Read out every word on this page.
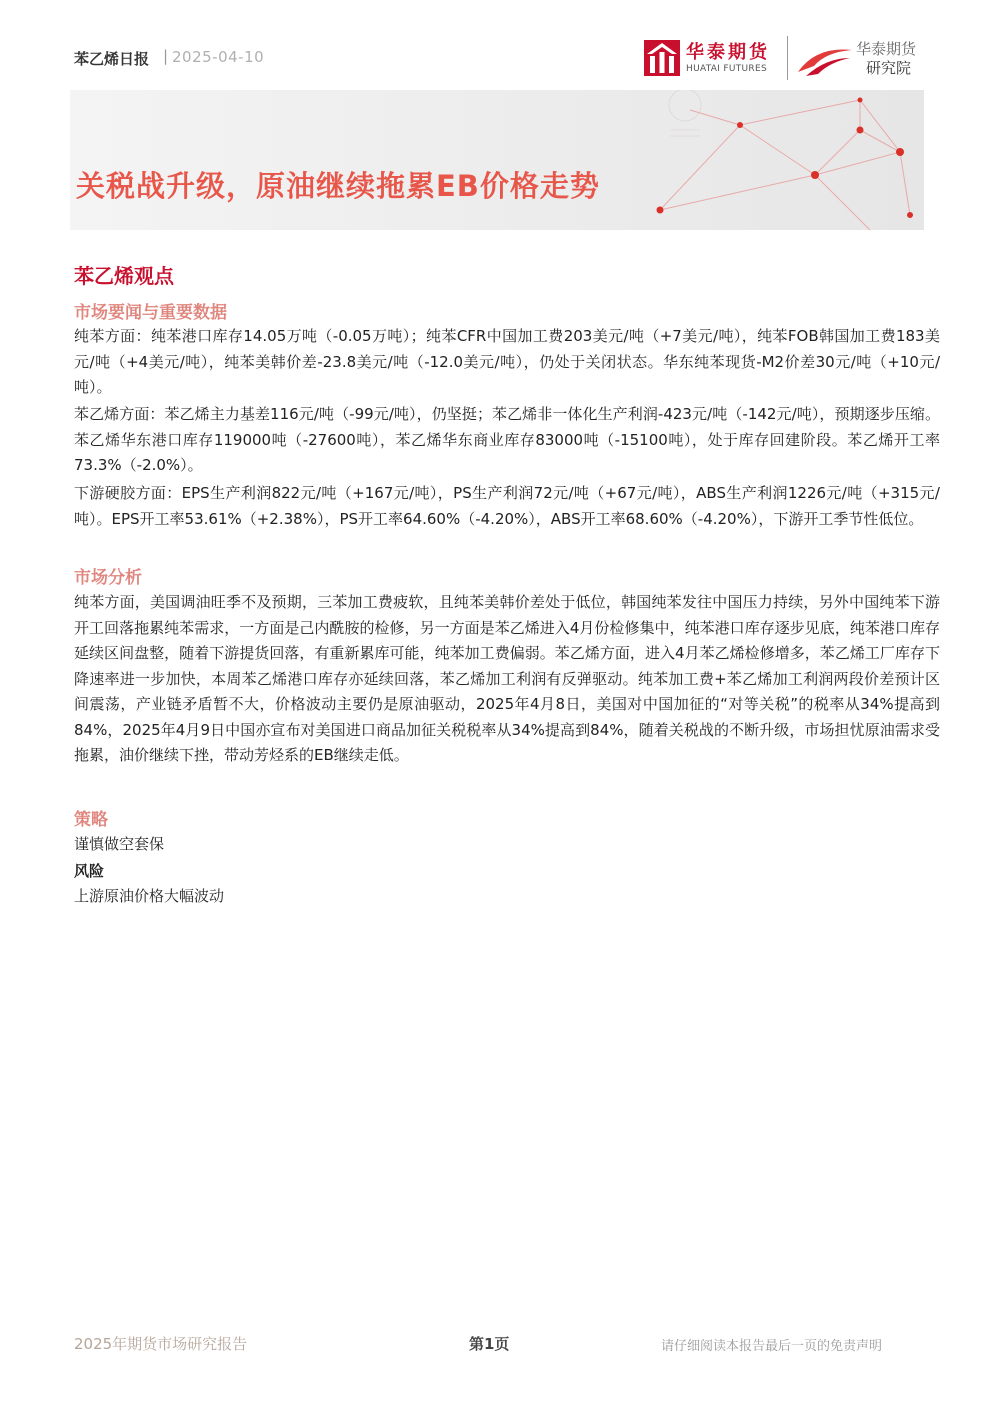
苯乙烯日报 | 2025-04-10	华泰期货
HUATAI FUTURES
华泰期货
研究院
关税战升级，原油继续拖累EB价格走势
苯乙烯观点
市场要闻与重要数据
纯苯方面：纯苯港口库存14.05万吨（-0.05万吨）；纯苯CFR中国加工费203美元/吨（+7美元/吨），纯苯FOB韩国加工费183美元/吨（+4美元/吨），纯苯美韩价差-23.8美元/吨（-12.0美元/吨），仍处于关闭状态。华东纯苯现货-M2价差30元/吨（+10元/吨）。
苯乙烯方面：苯乙烯主力基差116元/吨（-99元/吨），仍坚挺；苯乙烯非一体化生产利润-423元/吨（-142元/吨），预期逐步压缩。苯乙烯华东港口库存119000吨（-27600吨），苯乙烯华东商业库存83000吨（-15100吨），处于库存回建阶段。苯乙烯开工率73.3%（-2.0%）。
下游硬胶方面：EPS生产利润822元/吨（+167元/吨），PS生产利润72元/吨（+67元/吨），ABS生产利润1226元/吨（+315元/吨）。EPS开工率53.61%（+2.38%），PS开工率64.60%（-4.20%），ABS开工率68.60%（-4.20%），下游开工季节性低位。
市场分析
纯苯方面，美国调油旺季不及预期，三苯加工费疲软，且纯苯美韩价差处于低位，韩国纯苯发往中国压力持续，另外中国纯苯下游开工回落拖累纯苯需求，一方面是己内酰胺的检修，另一方面是苯乙烯进入4月份检修集中，纯苯港口库存逐步见底，纯苯港口库存延续区间盘整，随着下游提货回落，有重新累库可能，纯苯加工费偏弱。苯乙烯方面，进入4月苯乙烯检修增多，苯乙烯工厂库存下降速率进一步加快，本周苯乙烯港口库存亦延续回落，苯乙烯加工利润有反弹驱动。纯苯加工费+苯乙烯加工利润两段价差预计区间震荡，产业链矛盾暂不大，价格波动主要仍是原油驱动，2025年4月8日，美国对中国加征的“对等关税”的税率从34%提高到84%，2025年4月9日中国亦宣布对美国进口商品加征关税税率从34%提高到84%，随着关税战的不断升级，市场担忧原油需求受拖累，油价继续下挫，带动芳烃系的EB继续走低。
策略
谨慎做空套保
风险
上游原油价格大幅波动
2025年期货市场研究报告	第1页	请仔细阅读本报告最后一页的免责声明
